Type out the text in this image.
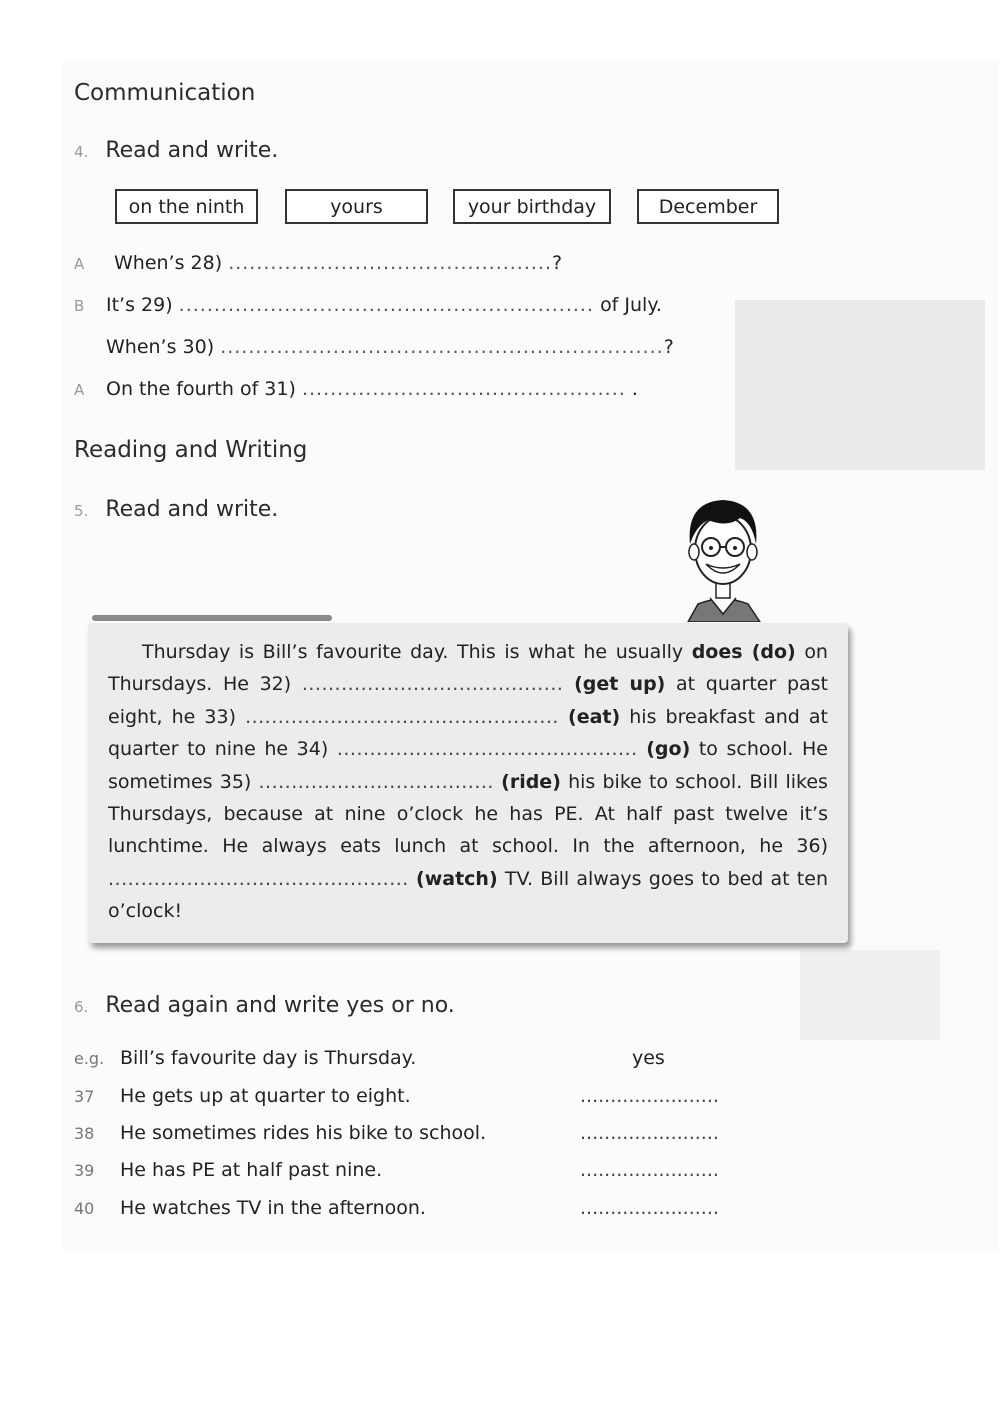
Communication
4. Read and write.
on the ninth	yours	your birthday	December
A When’s 28) ..............................................?
B It’s 29) ........................................................... of July.
When’s 30) ...............................................................?
A On the fourth of 31) .............................................. .
Reading and Writing
5. Read and write.
Thursday is Bill’s favourite day. This is what he usually does (do) on Thursdays. He 32) ........................................ (get up) at quarter past eight, he 33) ................................................ (eat) his breakfast and at quarter to nine he 34) .............................................. (go) to school. He sometimes 35) .................................... (ride) his bike to school. Bill likes Thursdays, because at nine o’clock he has PE. At half past twelve it’s lunchtime. He always eats lunch at school. In the afternoon, he 36) .............................................. (watch) TV. Bill always goes to bed at ten o’clock!
6. Read again and write yes or no.
e.g. Bill’s favourite day is Thursday.	yes
37 He gets up at quarter to eight.	.......................
38 He sometimes rides his bike to school.	.......................
39 He has PE at half past nine.	.......................
40 He watches TV in the afternoon.	.......................
